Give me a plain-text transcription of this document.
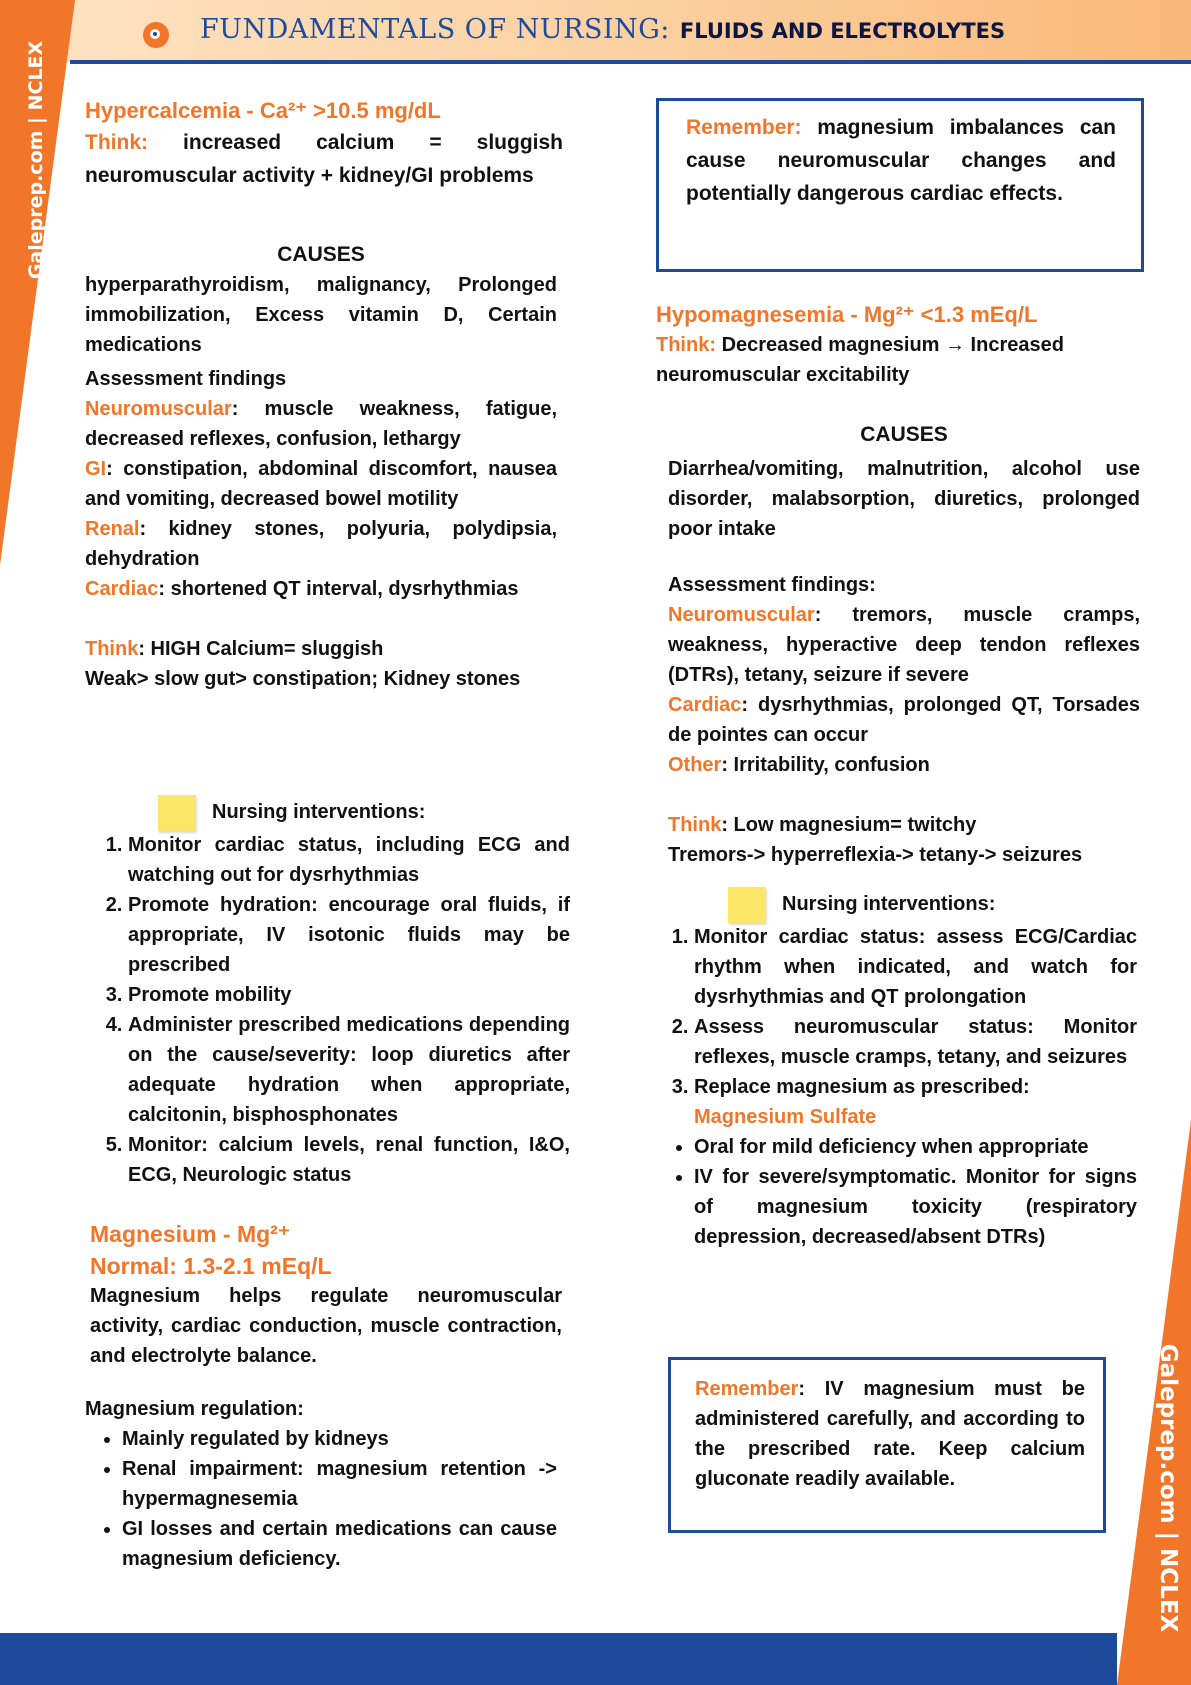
FUNDAMENTALS OF NURSING: FLUIDS AND ELECTROLYTES
Galeprep.com | NCLEX
Galeprep.com | NCLEX
Hypercalcemia - Ca²⁺ >10.5 mg/dL
Think: increased calcium = sluggish neuromuscular activity + kidney/GI problems
CAUSES
hyperparathyroidism, malignancy, Prolonged immobilization, Excess vitamin D, Certain medications
Assessment findings
Neuromuscular: muscle weakness, fatigue, decreased reflexes, confusion, lethargy
GI: constipation, abdominal discomfort, nausea and vomiting, decreased bowel motility
Renal: kidney stones, polyuria, polydipsia, dehydration
Cardiac: shortened QT interval, dysrhythmias
Think: HIGH Calcium= sluggish
Weak> slow gut> constipation; Kidney stones
Nursing interventions:
1. Monitor cardiac status, including ECG and watching out for dysrhythmias
2. Promote hydration: encourage oral fluids, if appropriate, IV isotonic fluids may be prescribed
3. Promote mobility
4. Administer prescribed medications depending on the cause/severity: loop diuretics after adequate hydration when appropriate, calcitonin, bisphosphonates
5. Monitor: calcium levels, renal function, I&O, ECG, Neurologic status
Magnesium - Mg²⁺
Normal: 1.3-2.1 mEq/L
Magnesium helps regulate neuromuscular activity, cardiac conduction, muscle contraction, and electrolyte balance.
Magnesium regulation:
• Mainly regulated by kidneys
• Renal impairment: magnesium retention -> hypermagnesemia
• GI losses and certain medications can cause magnesium deficiency.
Remember: magnesium imbalances can cause neuromuscular changes and potentially dangerous cardiac effects.
Hypomagnesemia - Mg²⁺ <1.3 mEq/L
Think: Decreased magnesium → Increased neuromuscular excitability
CAUSES
Diarrhea/vomiting, malnutrition, alcohol use disorder, malabsorption, diuretics, prolonged poor intake
Assessment findings:
Neuromuscular: tremors, muscle cramps, weakness, hyperactive deep tendon reflexes (DTRs), tetany, seizure if severe
Cardiac: dysrhythmias, prolonged QT, Torsades de pointes can occur
Other: Irritability, confusion
Think: Low magnesium= twitchy
Tremors-> hyperreflexia-> tetany-> seizures
Nursing interventions:
1. Monitor cardiac status: assess ECG/Cardiac rhythm when indicated, and watch for dysrhythmias and QT prolongation
2. Assess neuromuscular status: Monitor reflexes, muscle cramps, tetany, and seizures
3. Replace magnesium as prescribed:
Magnesium Sulfate
• Oral for mild deficiency when appropriate
• IV for severe/symptomatic. Monitor for signs of magnesium toxicity (respiratory depression, decreased/absent DTRs)
Remember: IV magnesium must be administered carefully, and according to the prescribed rate. Keep calcium gluconate readily available.
